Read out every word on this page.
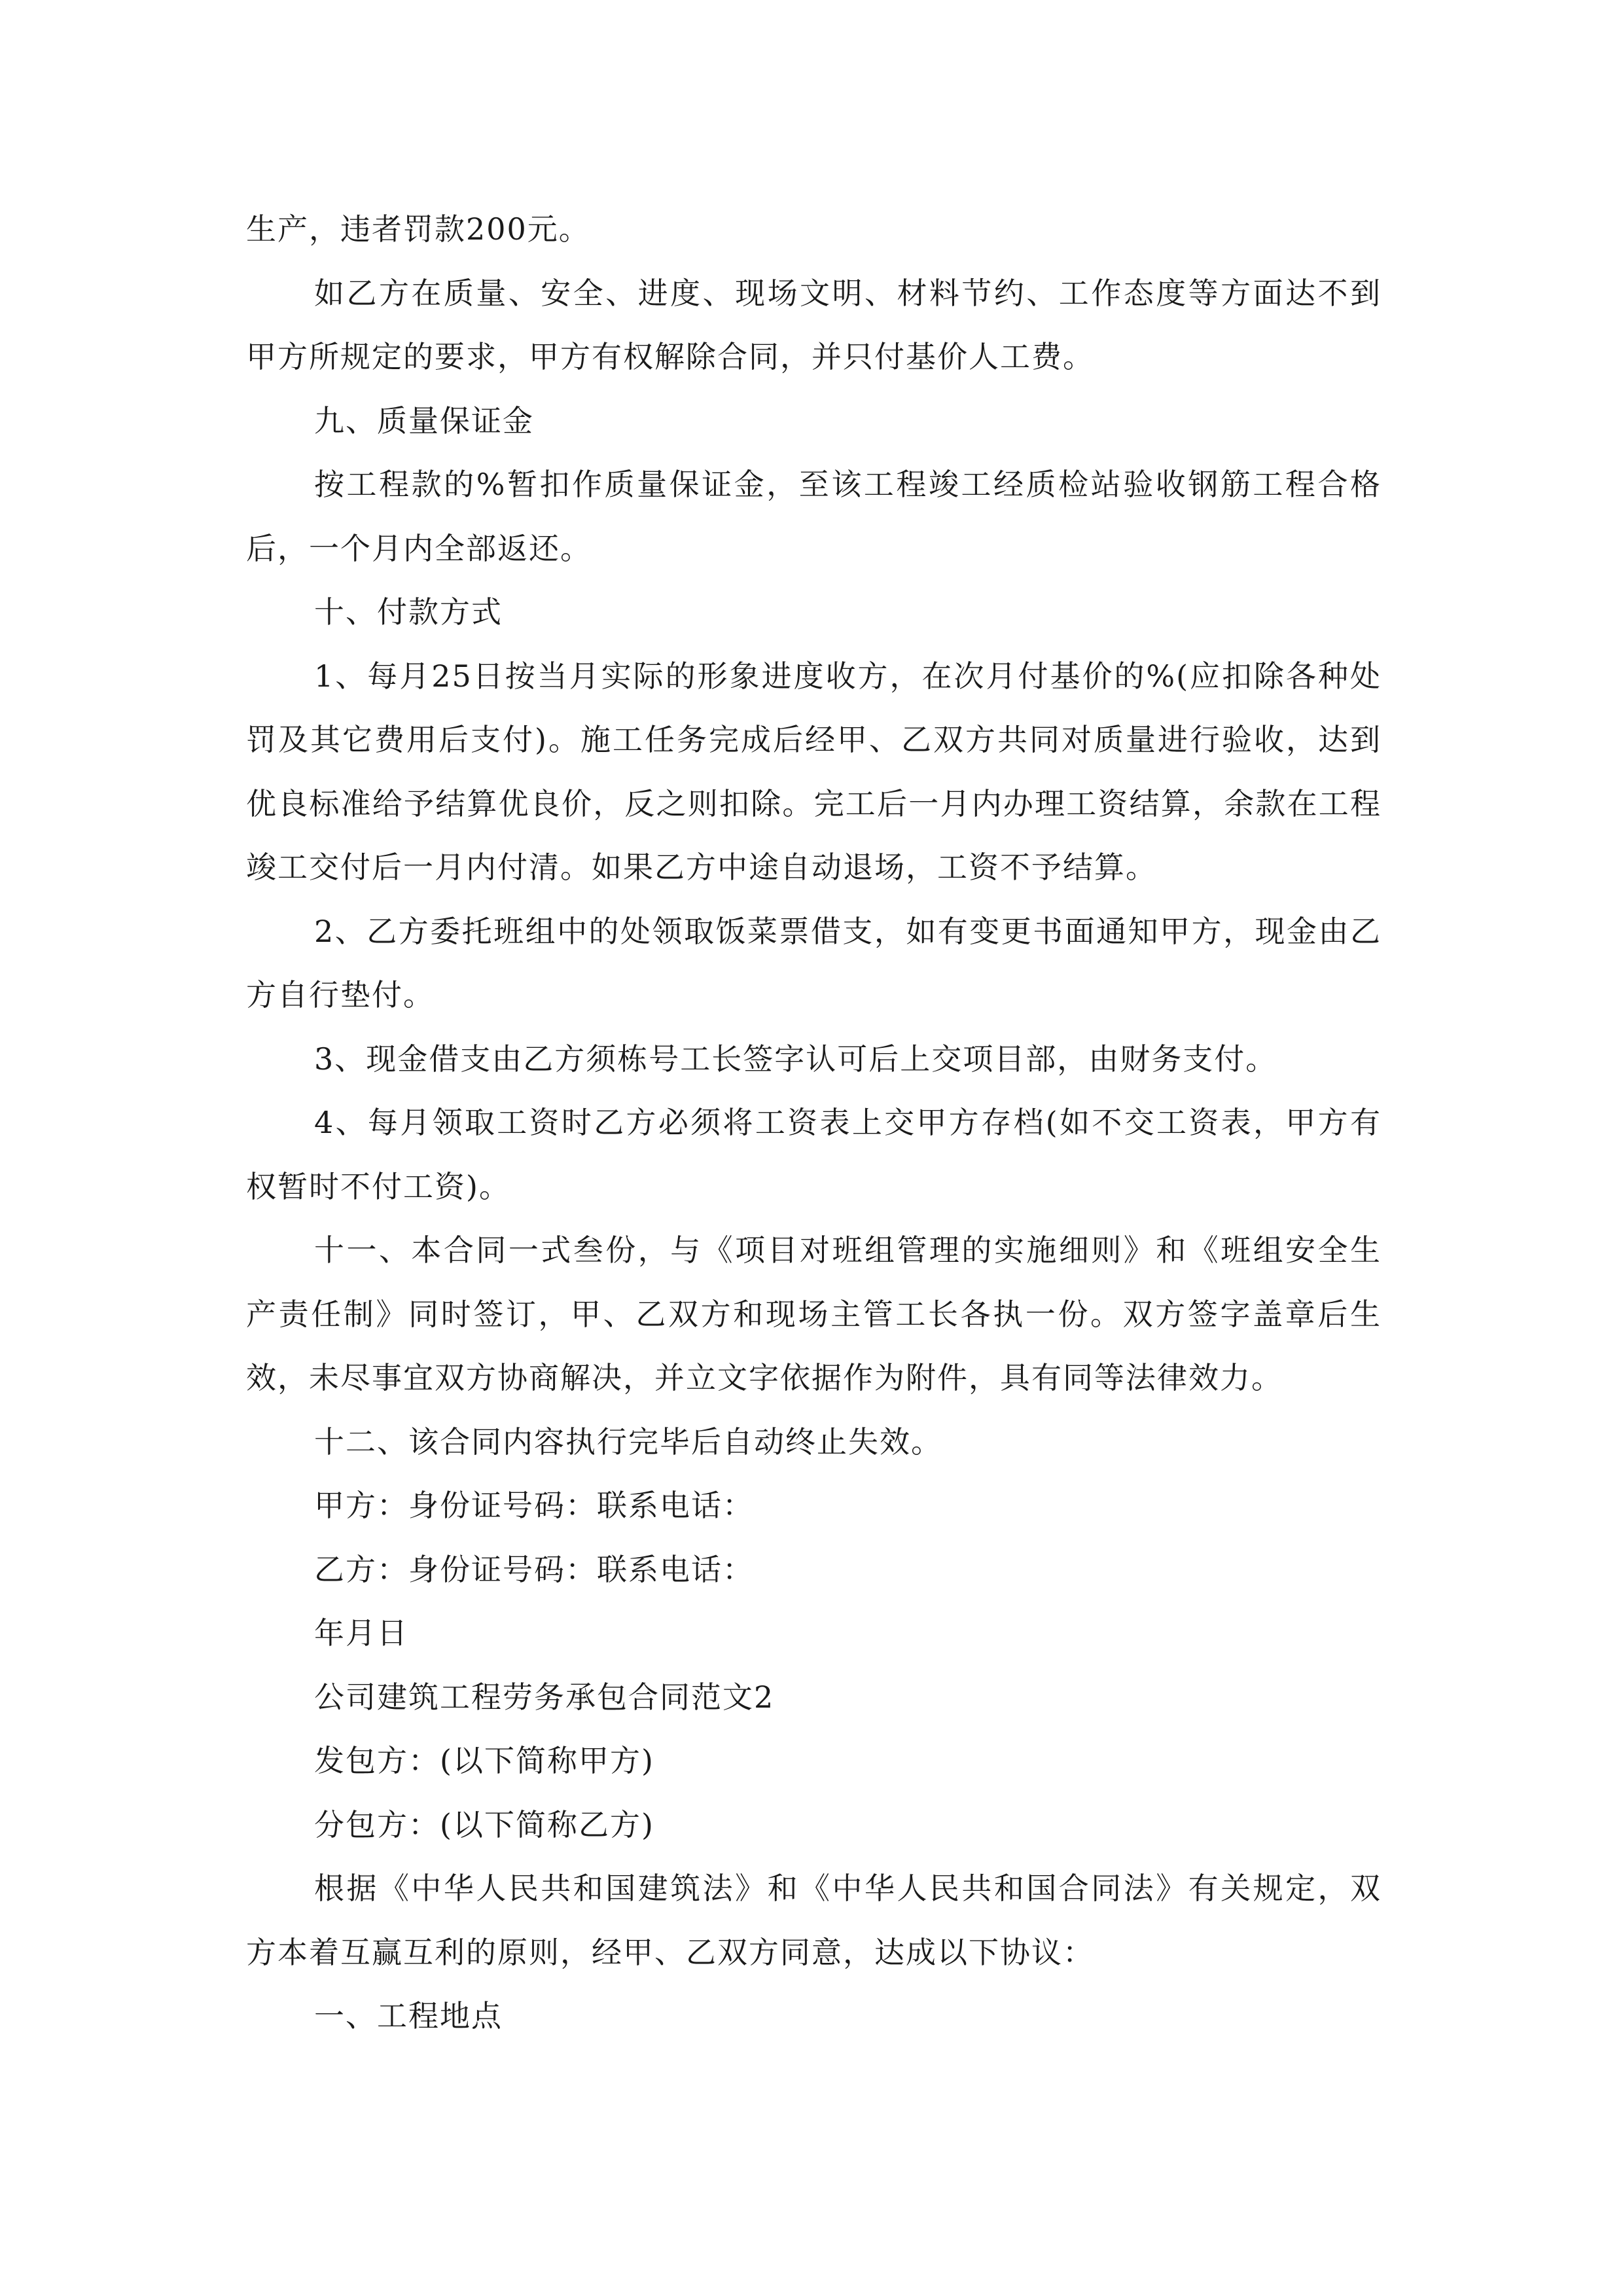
生产，违者罚款200元。

如乙方在质量、安全、进度、现场文明、材料节约、工作态度等方面达不到甲方所规定的要求，甲方有权解除合同，并只付基价人工费。

九、质量保证金

按工程款的%暂扣作质量保证金，至该工程竣工经质检站验收钢筋工程合格后，一个月内全部返还。

十、付款方式

1、每月25日按当月实际的形象进度收方，在次月付基价的%(应扣除各种处罚及其它费用后支付)。施工任务完成后经甲、乙双方共同对质量进行验收，达到优良标准给予结算优良价，反之则扣除。完工后一月内办理工资结算，余款在工程竣工交付后一月内付清。如果乙方中途自动退场，工资不予结算。

2、乙方委托班组中的处领取饭菜票借支，如有变更书面通知甲方，现金由乙方自行垫付。

3、现金借支由乙方须栋号工长签字认可后上交项目部，由财务支付。

4、每月领取工资时乙方必须将工资表上交甲方存档(如不交工资表，甲方有权暂时不付工资)。

十一、本合同一式叁份，与《项目对班组管理的实施细则》和《班组安全生产责任制》同时签订，甲、乙双方和现场主管工长各执一份。双方签字盖章后生效，未尽事宜双方协商解决，并立文字依据作为附件，具有同等法律效力。

十二、该合同内容执行完毕后自动终止失效。

甲方：身份证号码：联系电话：

乙方：身份证号码：联系电话：

年月日

公司建筑工程劳务承包合同范文2

发包方：(以下简称甲方)

分包方：(以下简称乙方)

根据《中华人民共和国建筑法》和《中华人民共和国合同法》有关规定，双方本着互赢互利的原则，经甲、乙双方同意，达成以下协议：

一、工程地点
